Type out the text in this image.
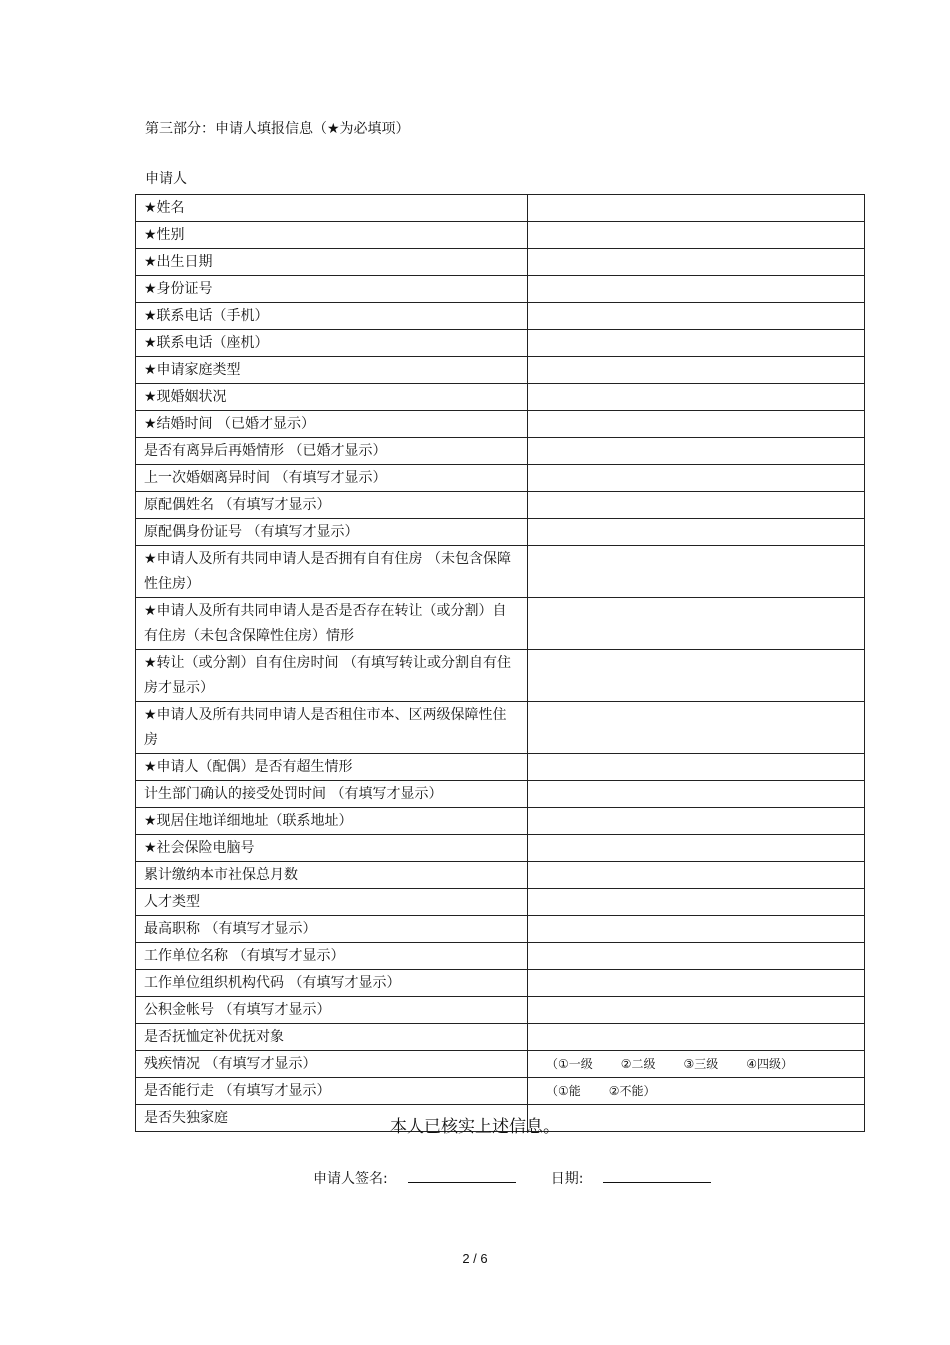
第三部分：申请人填报信息（★为必填项）
申请人
★姓名	
★性别	
★出生日期	
★身份证号	
★联系电话（手机）	
★联系电话（座机）	
★申请家庭类型	
★现婚姻状况	
★结婚时间 （已婚才显示）	
是否有离异后再婚情形 （已婚才显示）	
上一次婚姻离异时间 （有填写才显示）	
原配偶姓名 （有填写才显示）	
原配偶身份证号 （有填写才显示）	
★申请人及所有共同申请人是否拥有自有住房 （未包含保障性住房）	
★申请人及所有共同申请人是否是否存在转让（或分割）自有住房（未包含保障性住房）情形	
★转让（或分割）自有住房时间 （有填写转让或分割自有住房才显示）	
★申请人及所有共同申请人是否租住市本、区两级保障性住房	
★申请人（配偶）是否有超生情形	
计生部门确认的接受处罚时间 （有填写才显示）	
★现居住地详细地址（联系地址）	
★社会保险电脑号	
累计缴纳本市社保总月数	
人才类型	
最高职称 （有填写才显示）	
工作单位名称 （有填写才显示）	
工作单位组织机构代码 （有填写才显示）	
公积金帐号 （有填写才显示）	
是否抚恤定补优抚对象	
残疾情况 （有填写才显示）	（①一级 ②二级 ③三级 ④四级）
是否能行走 （有填写才显示）	（①能 ②不能）
是否失独家庭		本人已核实上述信息。
申请人签名:	日期:
2 / 6
